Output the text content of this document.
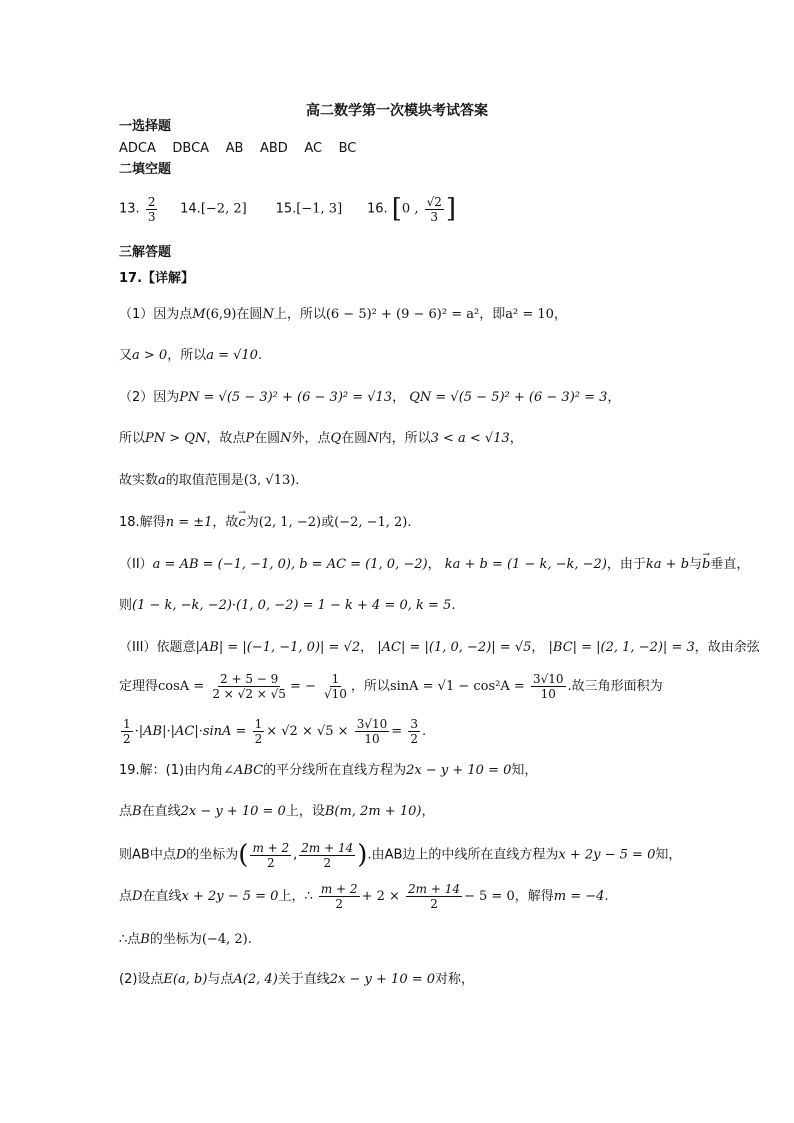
高二数学第一次模块考试答案
一选择题
ADCA DBCA AB ABD AC BC
二填空题
13. $\frac{2}{3} 14.[-2$, 2] 15.[−1, 3] 16. [0 , $\frac{√2}{3}$ ]
三解答题
17.【详解】
（1）因为点M(6,9)在圆N上，所以(6 − 5)² + (9 − 6)² = a²，即a² = 10，
又a > 0，所以a = √10.
（2）因为PN = √(5 − 3)² + (6 − 3)² = √13， QN = √(5 − 5)² + (6 − 3)² = 3，
所以PN > QN，故点P在圆N外，点Q在圆N内，所以3 < a < √13，
故实数a的取值范围是(3, √13).
18.解得n = ±1，故→ c为(2, 1, −2)或(−2, −1, 2).
（II）a = AB = (−1, −1, 0), b = AC = (1, 0, −2)， ka + b = (1 − k, −k, −2)，由于ka + b与→ b垂直，
则(1 − k, −k, −2)·(1, 0, −2) = 1 − k + 4 = 0, k = 5.
（III）依题意|AB| = |(−1, −1, 0)| = √2， |AC| = |(1, 0, −2)| = √5， |BC| = |(2, 1, −2)| = 3，故由余弦
定理得$\cos A = \frac{2 + 5 - 9}{2 \times √2 \times √5}$ = − $\frac{1}{√10}$ ，所以$\sin A = √1 - \cos^2A = \frac{3√10}{10}$ .故三角形面积为
$\frac{1}{2} \cdot|AB|\cdot|AC|\cdot\sin A = \frac{1}{2} \times √2 \times √5 \times \frac{3√10}{10} = \frac{3}{2}$ .
19.解：(1)由内角∠ABC的平分线所在直线方程为2x − y + 10 = 0知，
点B在直线2x − y + 10 = 0上，设B(m, 2m + 10)，
则AB中点D的坐标为( $\frac{m + 2}{2}$ , $\frac{2m + 14}{2}$ ).由AB边上的中线所在直线方程为x + 2y − 5 = 0知，
点D在直线x + 2y − 5 = 0上，∴ $\frac{m + 2}{2} + 2 \times \frac{2m + 14}{2} - 5 = 0$，解得m = −4.
∴点B的坐标为(−4, 2).
(2)设点E(a, b)与点A(2, 4)关于直线2x − y + 10 = 0对称，
